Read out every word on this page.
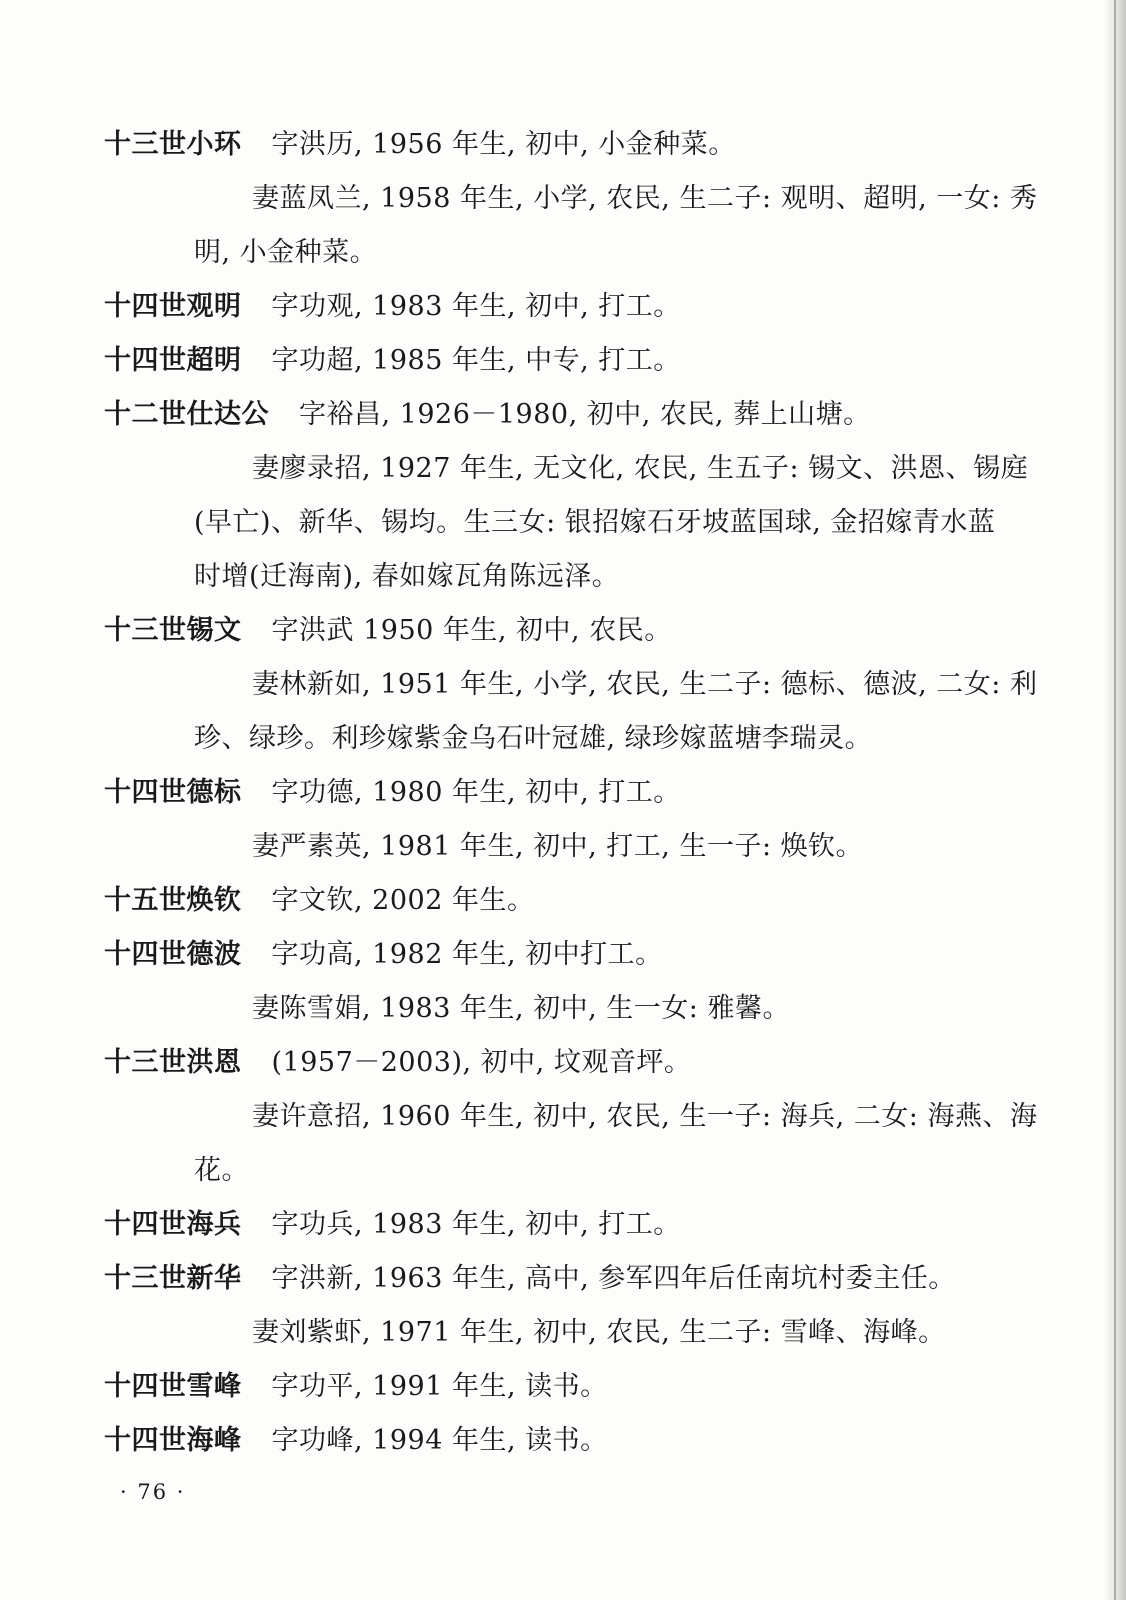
十三世小环 字洪历, 1956 年生, 初中, 小金种菜。
妻蓝凤兰, 1958 年生, 小学, 农民, 生二子: 观明、超明, 一女: 秀
明, 小金种菜。
十四世观明 字功观, 1983 年生, 初中, 打工。
十四世超明 字功超, 1985 年生, 中专, 打工。
十二世仕达公 字裕昌, 1926－1980, 初中, 农民, 葬上山塘。
妻廖录招, 1927 年生, 无文化, 农民, 生五子: 锡文、洪恩、锡庭
(早亡)、新华、锡均。生三女: 银招嫁石牙坡蓝国球, 金招嫁青水蓝
时增(迁海南), 春如嫁瓦角陈远泽。
十三世锡文 字洪武 1950 年生, 初中, 农民。
妻林新如, 1951 年生, 小学, 农民, 生二子: 德标、德波, 二女: 利
珍、绿珍。利珍嫁紫金乌石叶冠雄, 绿珍嫁蓝塘李瑞灵。
十四世德标 字功德, 1980 年生, 初中, 打工。
妻严素英, 1981 年生, 初中, 打工, 生一子: 焕钦。
十五世焕钦 字文钦, 2002 年生。
十四世德波 字功高, 1982 年生, 初中打工。
妻陈雪娟, 1983 年生, 初中, 生一女: 雅馨。
十三世洪恩 (1957－2003), 初中, 坟观音坪。
妻许意招, 1960 年生, 初中, 农民, 生一子: 海兵, 二女: 海燕、海
花。
十四世海兵 字功兵, 1983 年生, 初中, 打工。
十三世新华 字洪新, 1963 年生, 高中, 参军四年后任南坑村委主任。
妻刘紫虾, 1971 年生, 初中, 农民, 生二子: 雪峰、海峰。
十四世雪峰 字功平, 1991 年生, 读书。
十四世海峰 字功峰, 1994 年生, 读书。
· 76 ·
